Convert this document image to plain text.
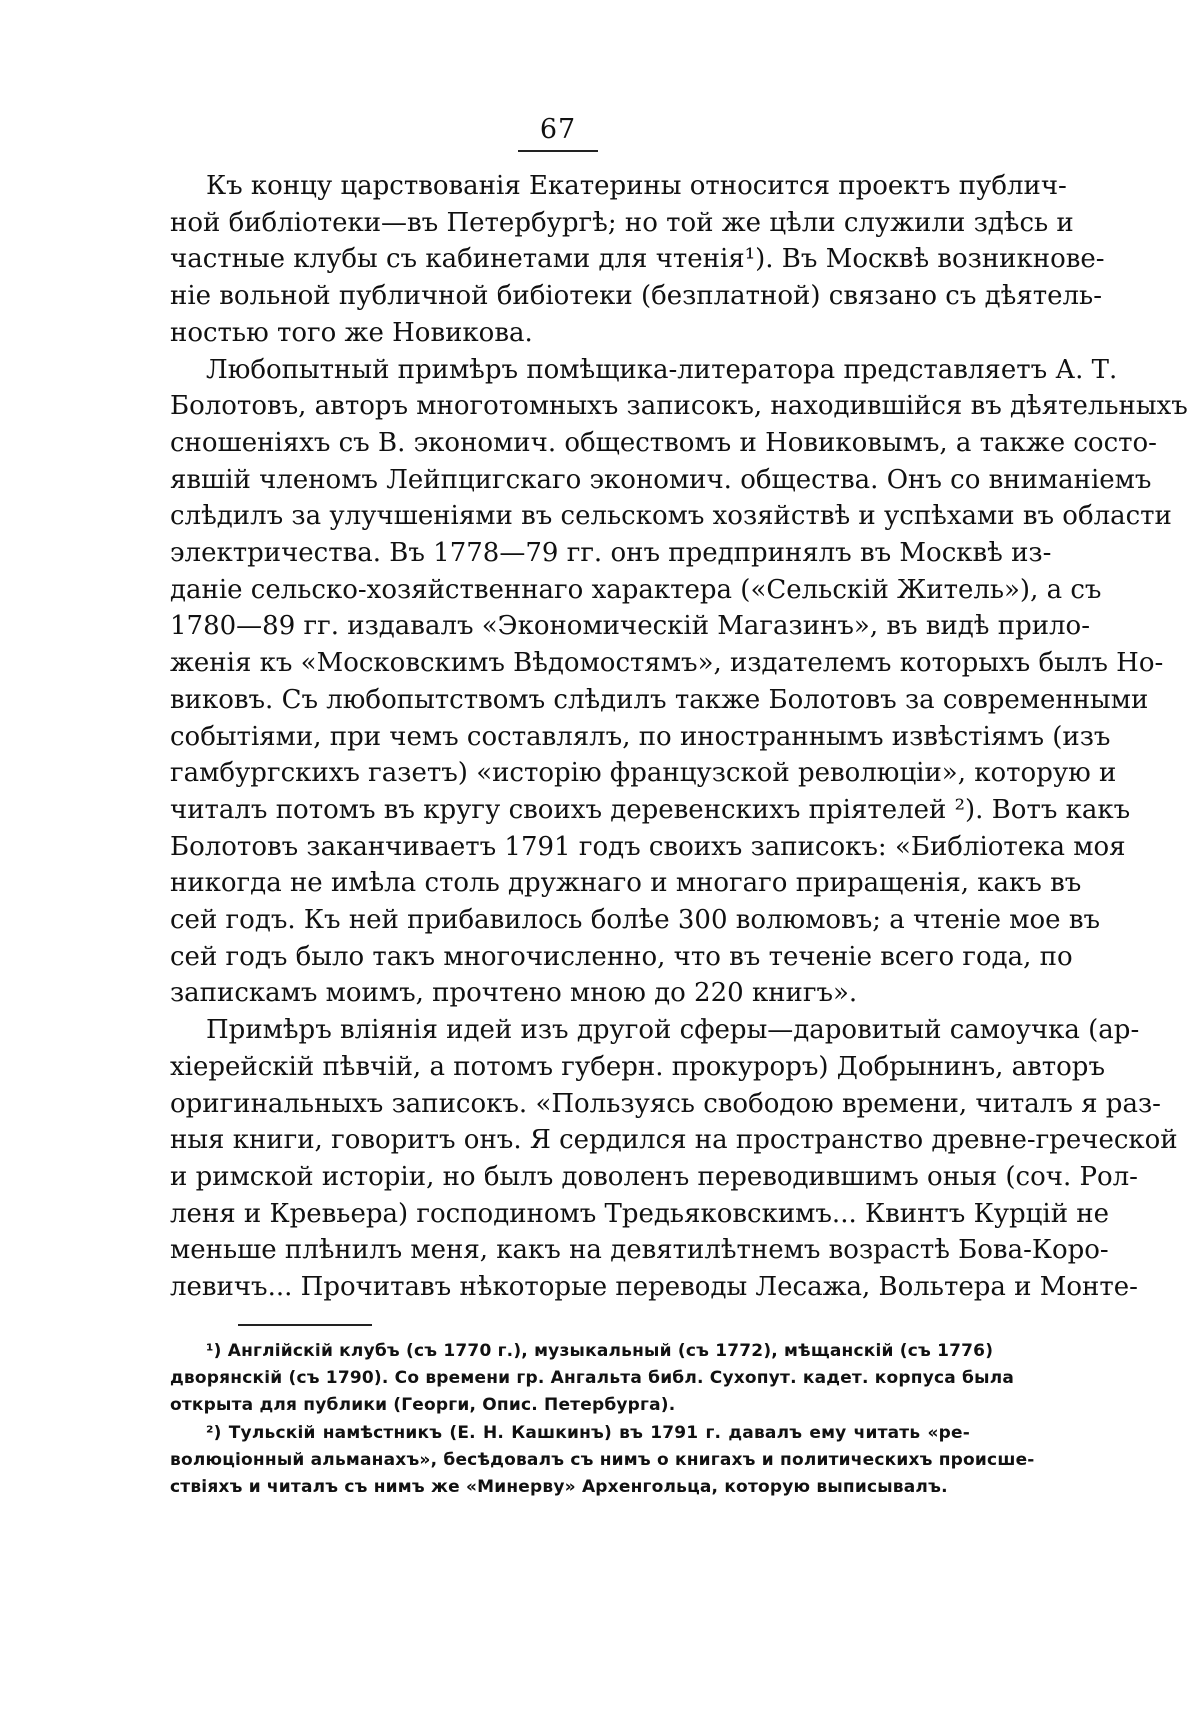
67

Къ концу царствованія Екатерины относится проектъ публич-
ной библіотеки—въ Петербургѣ; но той же цѣли служили здѣсь и
частные клубы съ кабинетами для чтенія¹). Въ Москвѣ возникнове-
ніе вольной публичной бибіотеки (безплатной) связано съ дѣятель-
ностью того же Новикова.

Любопытный примѣръ помѣщика-литератора представляетъ А. Т.
Болотовъ, авторъ многотомныхъ записокъ, находившійся въ дѣятельныхъ
сношеніяхъ съ В. экономич. обществомъ и Новиковымъ, а также состо-
явшій членомъ Лейпцигскаго экономич. общества. Онъ со вниманіемъ
слѣдилъ за улучшеніями въ сельскомъ хозяйствѣ и успѣхами въ области
электричества. Въ 1778—79 гг. онъ предпринялъ въ Москвѣ из-
даніе сельско-хозяйственнаго характера («Сельскій Житель»), а съ
1780—89 гг. издавалъ «Экономическій Магазинъ», въ видѣ прило-
женія къ «Московскимъ Вѣдомостямъ», издателемъ которыхъ былъ Но-
виковъ. Съ любопытствомъ слѣдилъ также Болотовъ за современными
событіями, при чемъ составлялъ, по иностраннымъ извѣстіямъ (изъ
гамбургскихъ газетъ) «исторію французской революціи», которую и
читалъ потомъ въ кругу своихъ деревенскихъ пріятелей ²). Вотъ какъ
Болотовъ заканчиваетъ 1791 годъ своихъ записокъ: «Библіотека моя
никогда не имѣла столь дружнаго и многаго приращенія, какъ въ
сей годъ. Къ ней прибавилось болѣе 300 волюмовъ; а чтеніе мое въ
сей годъ было такъ многочисленно, что въ теченіе всего года, по
запискамъ моимъ, прочтено мною до 220 книгъ».

Примѣръ вліянія идей изъ другой сферы—даровитый самоучка (ар-
хіерейскій пѣвчій, а потомъ губерн. прокуроръ) Добрынинъ, авторъ
оригинальныхъ записокъ. «Пользуясь свободою времени, читалъ я раз-
ныя книги, говоритъ онъ. Я сердился на пространство древне-греческой
и римской исторіи, но былъ доволенъ переводившимъ оныя (соч. Рол-
леня и Кревьера) господиномъ Тредьяковскимъ... Квинтъ Курцій не
меньше плѣнилъ меня, какъ на девятилѣтнемъ возрастѣ Бова-Коро-
левичъ... Прочитавъ нѣкоторые переводы Лесажа, Вольтера и Монте-

¹) Англійскій клубъ (съ 1770 г.), музыкальный (съ 1772), мѣщанскій (съ 1776)
дворянскій (съ 1790). Со времени гр. Ангальта библ. Сухопут. кадет. корпуса была
открыта для публики (Георги, Опис. Петербурга).
²) Тульскій намѣстникъ (Е. Н. Кашкинъ) въ 1791 г. давалъ ему читать «ре-
волюціонный альманахъ», бесѣдовалъ съ нимъ о книгахъ и политическихъ происше-
ствіяхъ и читалъ съ нимъ же «Минерву» Архенгольца, которую выписывалъ.
